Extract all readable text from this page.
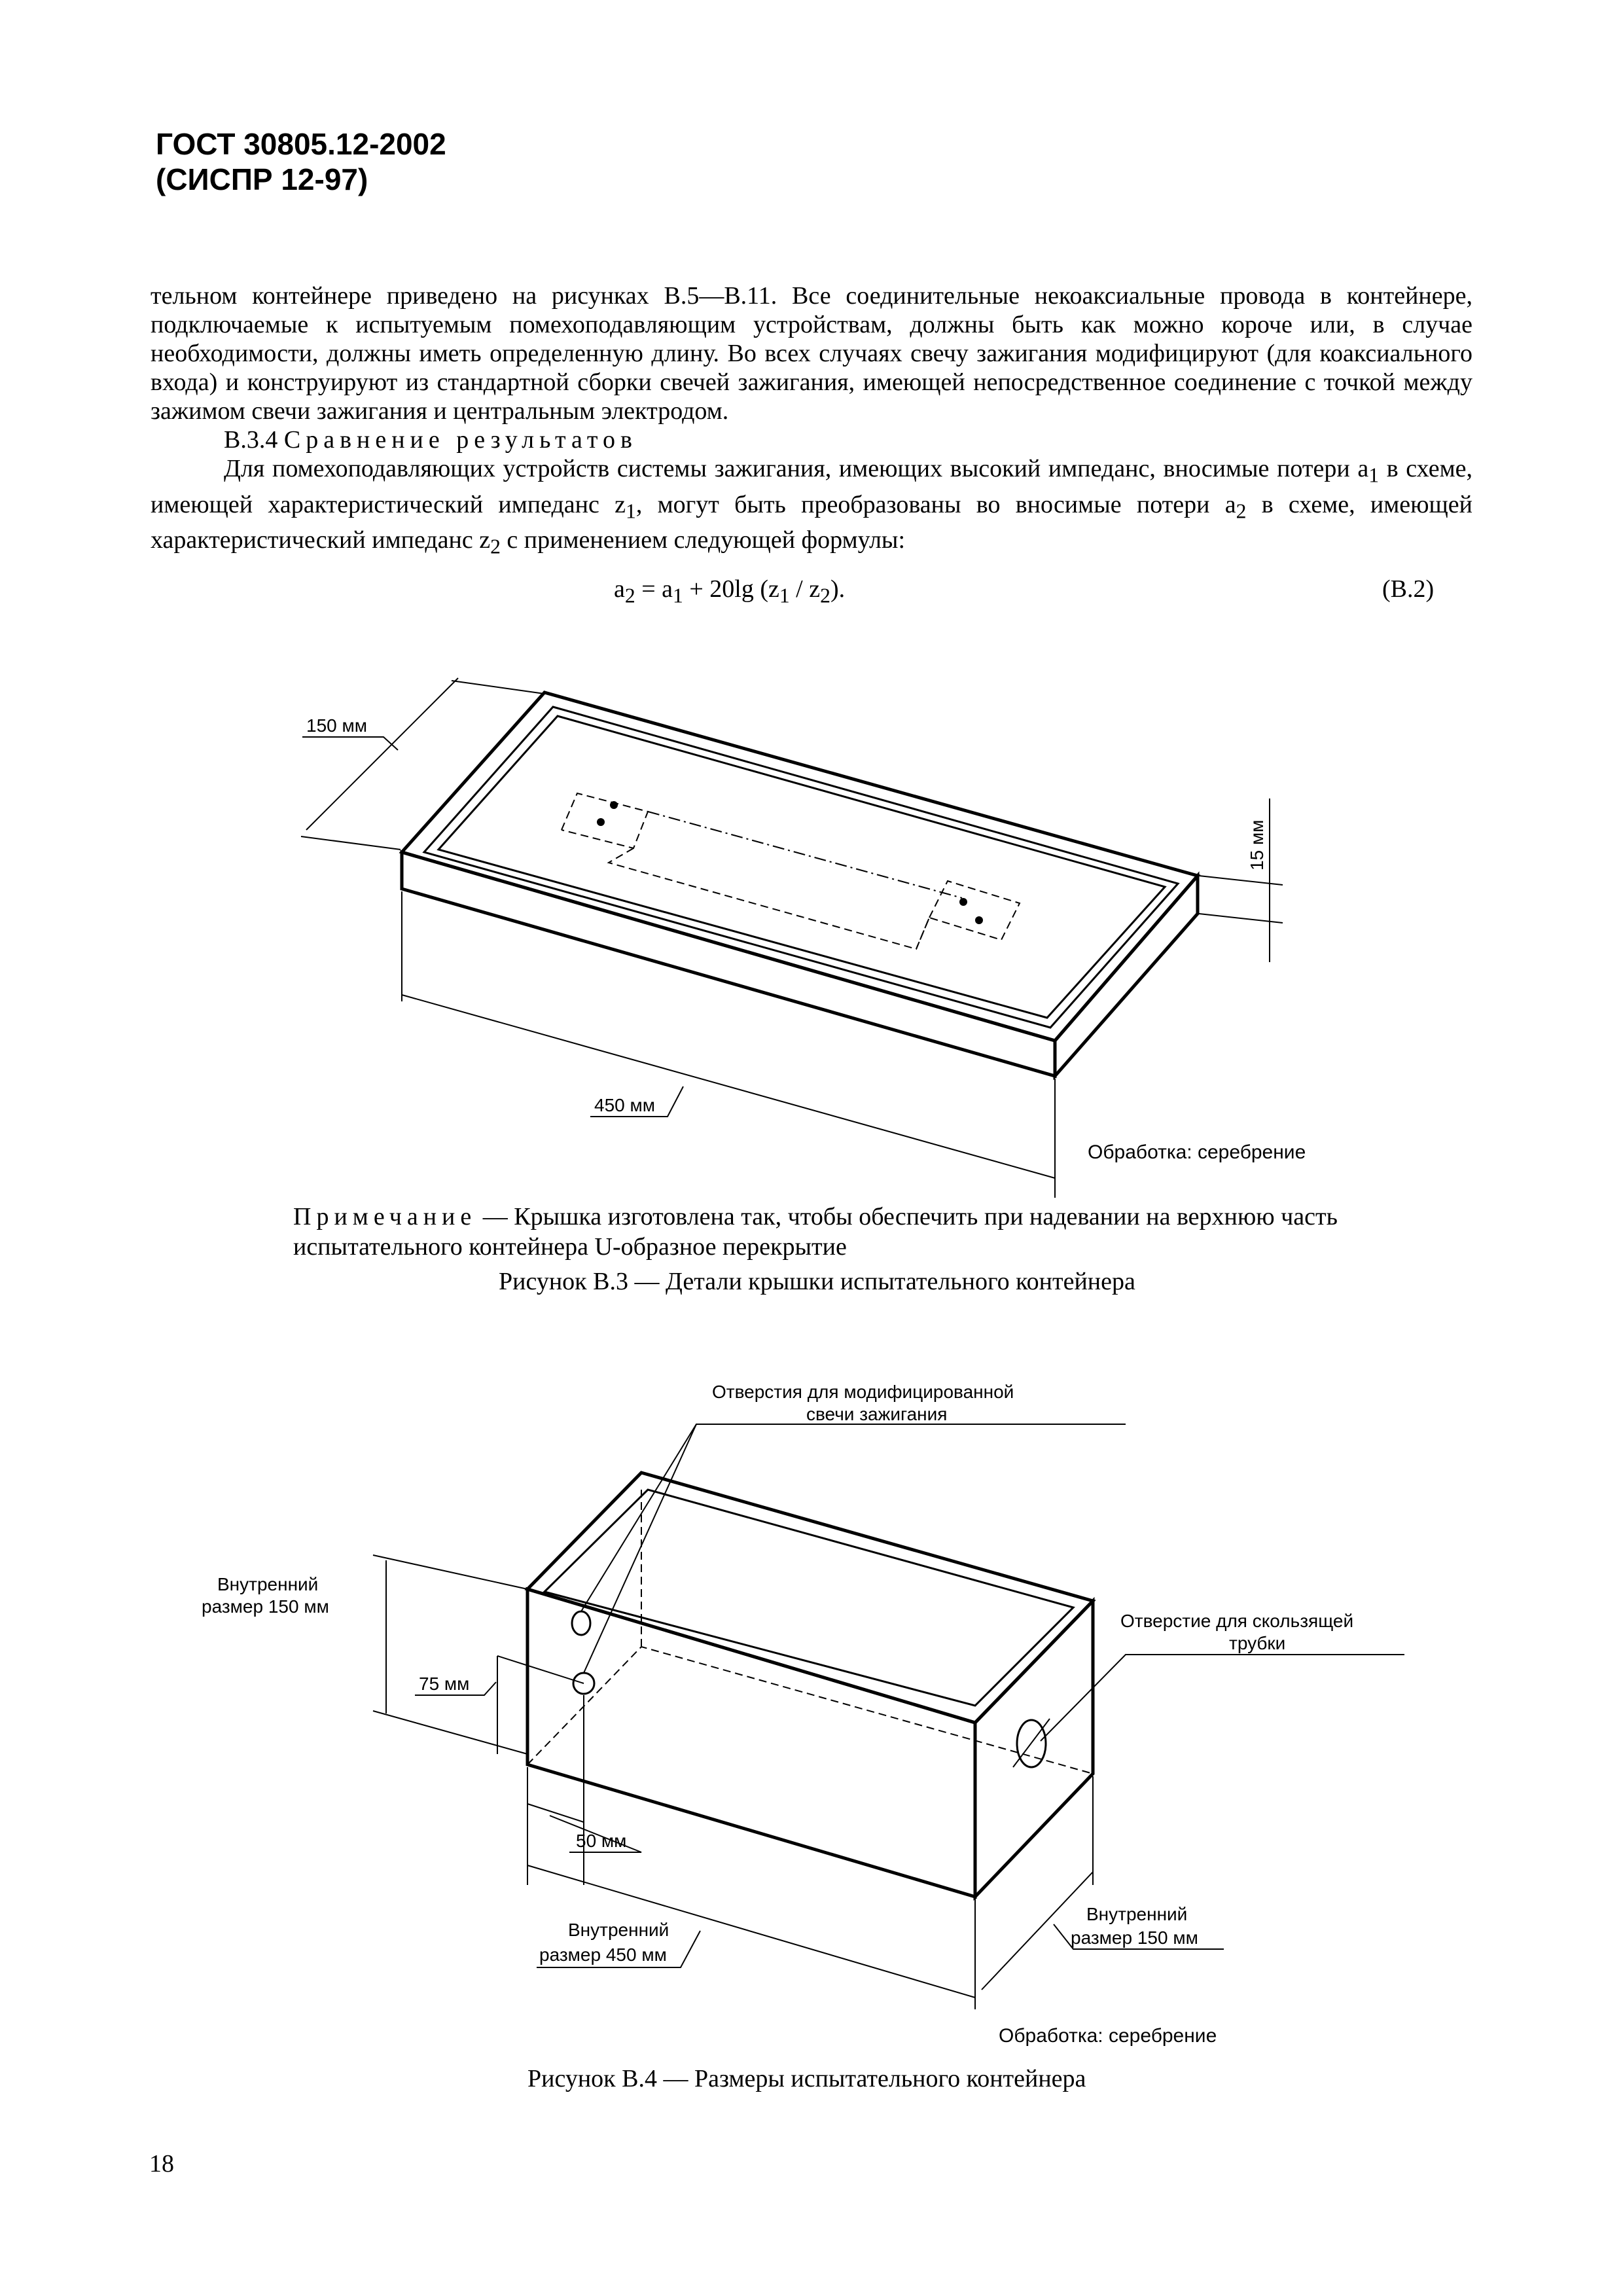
ГОСТ 30805.12-2002
(СИСПР 12-97)

тельном контейнере приведено на рисунках В.5—В.11. Все соединительные некоаксиальные провода в контейнере, подключаемые к испытуемым помехоподавляющим устройствам, должны быть как можно короче или, в случае необходимости, должны иметь определенную длину. Во всех случаях свечу зажигания модифицируют (для коаксиального входа) и конструируют из стандартной сборки свечей зажигания, имеющей непосредственное соединение с точкой между зажимом свечи зажигания и центральным электродом.

В.3.4 Сравнение результатов

Для помехоподавляющих устройств системы зажигания, имеющих высокий импеданс, вносимые потери $a_1$ в схеме, имеющей характеристический импеданс $z_1$, могут быть преобразованы во вносимые потери $a_2$ в схеме, имеющей характеристический импеданс $z_2$ с применением следующей формулы:

$a_2 = a_1 + 20\lg$ $(z_1 / z_2)$.	(В.2)
150 мм
15 мм
450 мм
Обработка: серебрение
Примечание — Крышка изготовлена так, чтобы обеспечить при надевании на верхнюю часть испытательного контейнера U-образное перекрытие
Рисунок В.3 — Детали крышки испытательного контейнера
Отверстия для модифицированной
свечи зажигания
Отверстие для скользящей
трубки
Внутренний
размер 150 мм
75 мм
50 мм
Внутренний
размер 450 мм
Внутренний
размер 150 мм
Обработка: серебрение
Рисунок В.4 — Размеры испытательного контейнера
18
